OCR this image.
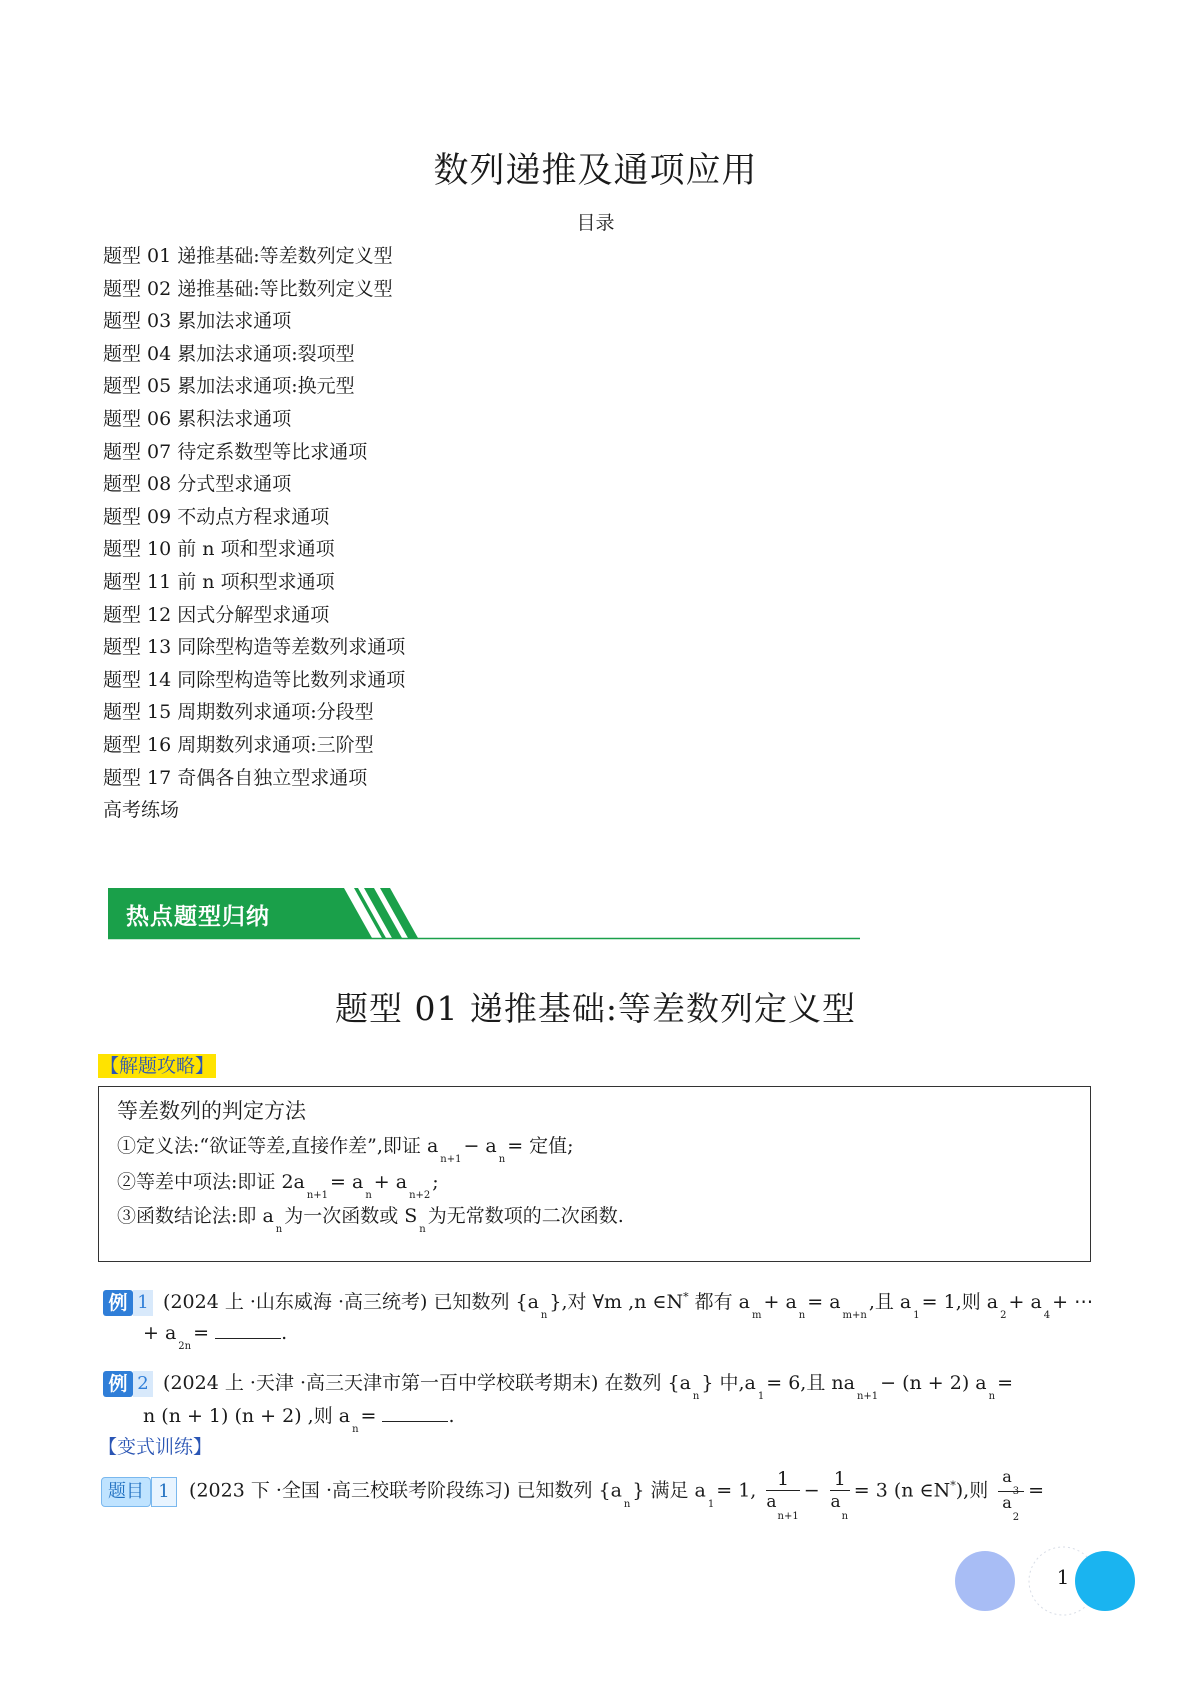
数列递推及通项应用
目录
题型 01 递推基础:等差数列定义型
题型 02 递推基础:等比数列定义型
题型 03 累加法求通项
题型 04 累加法求通项:裂项型
题型 05 累加法求通项:换元型
题型 06 累积法求通项
题型 07 待定系数型等比求通项
题型 08 分式型求通项
题型 09 不动点方程求通项
题型 10 前 n 项和型求通项
题型 11 前 n 项积型求通项
题型 12 因式分解型求通项
题型 13 同除型构造等差数列求通项
题型 14 同除型构造等比数列求通项
题型 15 周期数列求通项:分段型
题型 16 周期数列求通项:三阶型
题型 17 奇偶各自独立型求通项
高考练场
热点题型归纳
题型 01 递推基础:等差数列定义型
【解题攻略】
等差数列的判定方法
①定义法:“欲证等差,直接作差”,即证 $a_{n+1}- a_n=$ 定值;
②等差中项法:即证 $2a_{n+1}= a_n+ a_{n+2}$;
③函数结论法:即 $a_n$为一次函数或 $S_n$为无常数项的二次函数.
例 1 (2024 上 ·山东威海 ·高三统考) 已知数列 $\{a_n\}$,对 ∀m ,n ∈N* 都有 $a_m+ a_n= a_{m+n}$,且 $a_1= 1$,则 $a_2+ a_4+$ ⋯
+ $a_{2n}=$	.
例 2 (2024 上 ·天津 ·高三天津市第一百中学校联考期末) 在数列 $\{a_n\}$ 中$,a_1= 6$,且 $na_{n+1}- (n + 2)$ $a_n=$
n (n + 1) (n + 2) ,则 $a_n=$	.
【变式训练】
题目 1 (2023 下 ·全国 ·高三校联考阶段练习) 已知数列 $\{a_n\}$ 满足 $a_1= 1$, $\frac{1}{a_{n+1}} - \frac{1}{a_n} = 3$ (n ∈N*),则 $\frac{a_3}{a_2}$ =
1
